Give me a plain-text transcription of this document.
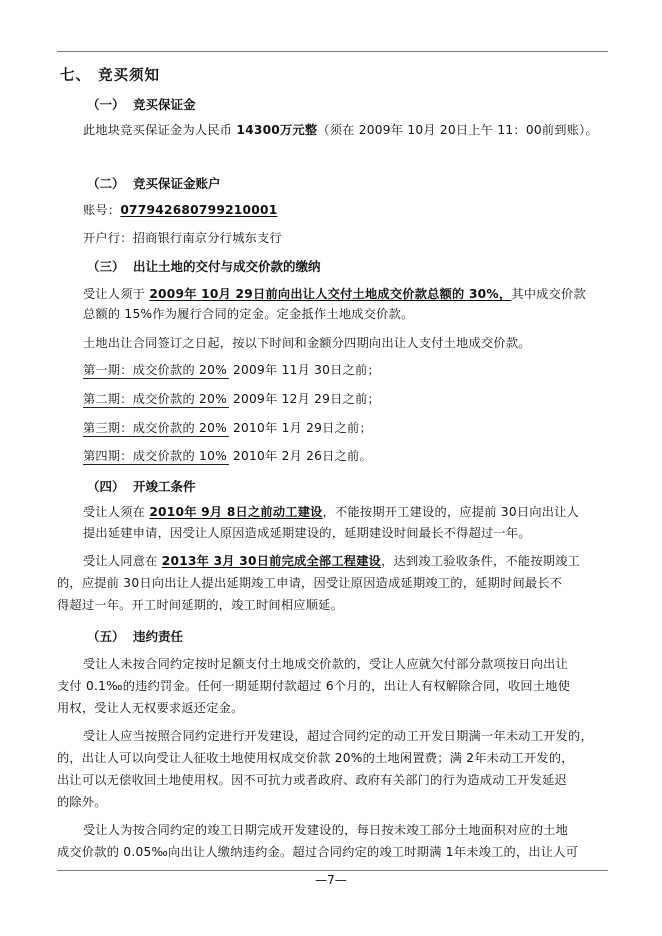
七、 竞买须知
（一） 竞买保证金
此地块竞买保证金为人民币 14300万元整（须在 2009年 10月 20日上午 11：00前到账）。
（二） 竞买保证金账户
账号：077942680799210001
开户行：招商银行南京分行城东支行
（三） 出让土地的交付与成交价款的缴纳
受让人须于 2009年 10月 29日前向出让人交付土地成交价款总额的 30%，其中成交价款
总额的 15%作为履行合同的定金。定金抵作土地成交价款。
土地出让合同签订之日起，按以下时间和金额分四期向出让人支付土地成交价款。
第一期：成交价款的 20% 2009年 11月 30日之前；
第二期：成交价款的 20% 2009年 12月 29日之前；
第三期：成交价款的 20% 2010年 1月 29日之前；
第四期：成交价款的 10% 2010年 2月 26日之前。
（四） 开竣工条件
受让人须在 2010年 9月 8日之前动工建设，不能按期开工建设的，应提前 30日向出让人
提出延建申请，因受让人原因造成延期建设的，延期建设时间最长不得超过一年。
受让人同意在 2013年 3月 30日前完成全部工程建设，达到竣工验收条件，不能按期竣工
的，应提前 30日向出让人提出延期竣工申请，因受让原因造成延期竣工的，延期时间最长不
得超过一年。开工时间延期的，竣工时间相应顺延。
（五） 违约责任
受让人未按合同约定按时足额支付土地成交价款的，受让人应就欠付部分款项按日向出让
支付 0.1‰的违约罚金。任何一期延期付款超过 6个月的，出让人有权解除合同，收回土地使
用权，受让人无权要求返还定金。
受让人应当按照合同约定进行开发建设，超过合同约定的动工开发日期满一年未动工开发的，
的，出让人可以向受让人征收土地使用权成交价款 20%的土地闲置费；满 2年未动工开发的，
出让可以无偿收回土地使用权。因不可抗力或者政府、政府有关部门的行为造成动工开发延迟
的除外。
受让人为按合同约定的竣工日期完成开发建设的，每日按未竣工部分土地面积对应的土地
成交价款的 0.05‰向出让人缴纳违约金。超过合同约定的竣工时期满 1年未竣工的，出让人可
—7—
